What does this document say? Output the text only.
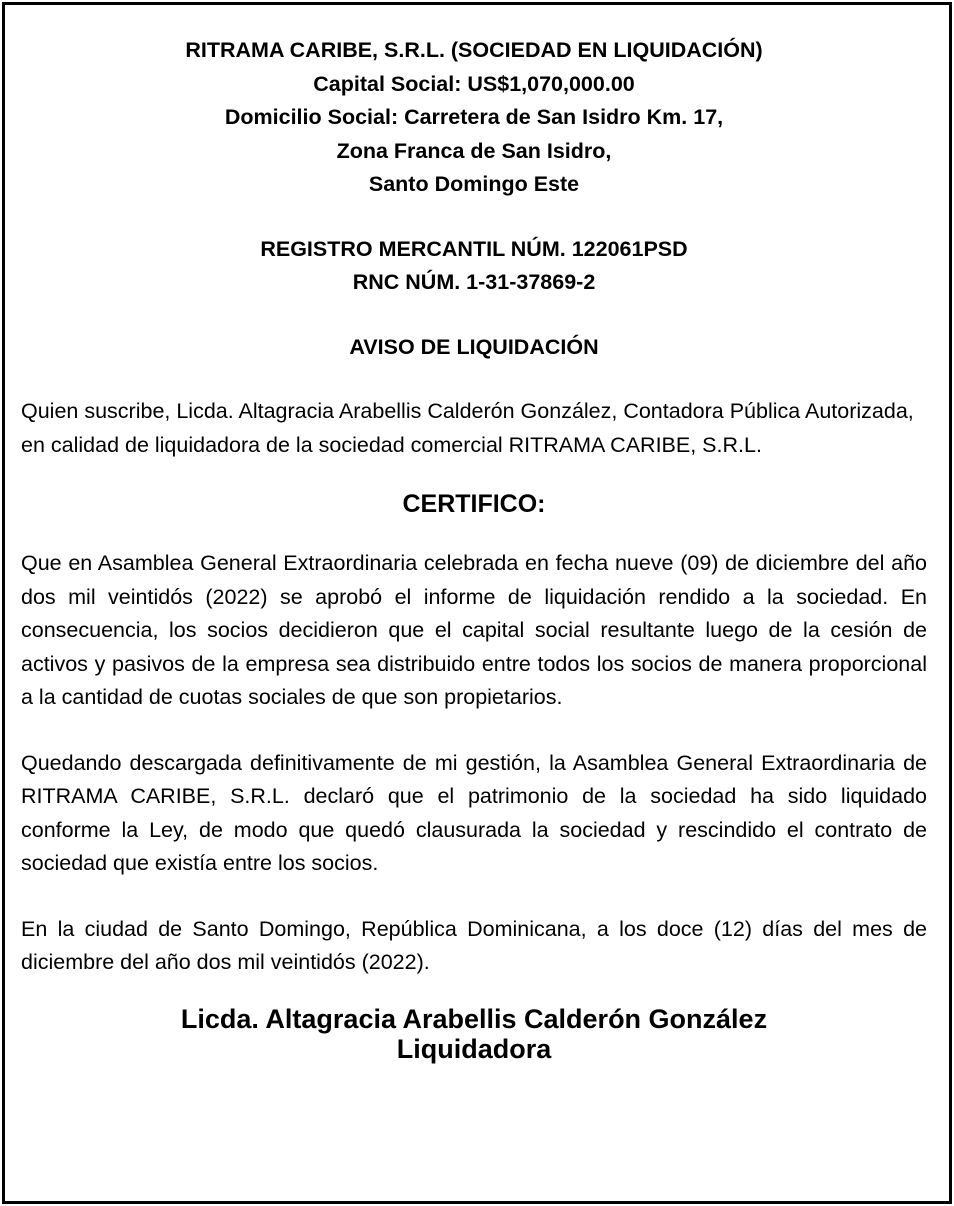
RITRAMA CARIBE, S.R.L. (SOCIEDAD EN LIQUIDACIÓN)
Capital Social: US$1,070,000.00
Domicilio Social: Carretera de San Isidro Km. 17,
Zona Franca de San Isidro,
Santo Domingo Este
REGISTRO MERCANTIL NÚM. 122061PSD
RNC NÚM. 1-31-37869-2
AVISO DE LIQUIDACIÓN

Quien suscribe, Licda. Altagracia Arabellis Calderón González, Contadora Pública Autorizada, en calidad de liquidadora de la sociedad comercial RITRAMA CARIBE, S.R.L.

CERTIFICO:

Que en Asamblea General Extraordinaria celebrada en fecha nueve (09) de diciembre del año dos mil veintidós (2022) se aprobó el informe de liquidación rendido a la sociedad. En consecuencia, los socios decidieron que el capital social resultante luego de la cesión de activos y pasivos de la empresa sea distribuido entre todos los socios de manera proporcional a la cantidad de cuotas sociales de que son propietarios.

Quedando descargada definitivamente de mi gestión, la Asamblea General Extraordinaria de RITRAMA CARIBE, S.R.L. declaró que el patrimonio de la sociedad ha sido liquidado conforme la Ley, de modo que quedó clausurada la sociedad y rescindido el contrato de sociedad que existía entre los socios.

En la ciudad de Santo Domingo, República Dominicana, a los doce (12) días del mes de diciembre del año dos mil veintidós (2022).

Licda. Altagracia Arabellis Calderón González
Liquidadora
